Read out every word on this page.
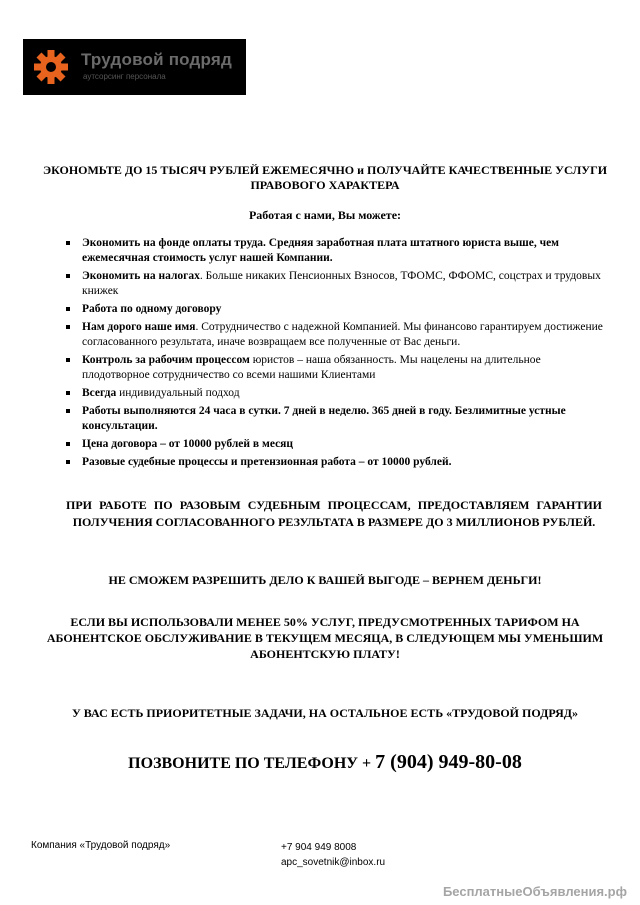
Трудовой подряд
аутсорсинг персонала
ЭКОНОМЬТЕ ДО 15 ТЫСЯЧ РУБЛЕЙ ЕЖЕМЕСЯЧНО и ПОЛУЧАЙТЕ КАЧЕСТВЕННЫЕ УСЛУГИ ПРАВОВОГО ХАРАКТЕРА
Работая с нами, Вы можете:
Экономить на фонде оплаты труда. Средняя заработная плата штатного юриста выше, чем ежемесячная стоимость услуг нашей Компании.
Экономить на налогах. Больше никаких Пенсионных Взносов, ТФОМС, ФФОМС, соцстрах и трудовых книжек
Работа по одному договору
Нам дорого наше имя. Сотрудничество с надежной Компанией. Мы финансово гарантируем достижение согласованного результата, иначе возвращаем все полученные от Вас деньги.
Контроль за рабочим процессом юристов – наша обязанность. Мы нацелены на длительное плодотворное сотрудничество со всеми нашими Клиентами
Всегда индивидуальный подход
Работы выполняются 24 часа в сутки. 7 дней в неделю. 365 дней в году. Безлимитные устные консультации.
Цена договора – от 10000 рублей в месяц
Разовые судебные процессы и претензионная работа – от 10000 рублей.
ПРИ РАБОТЕ ПО РАЗОВЫМ СУДЕБНЫМ ПРОЦЕССАМ, ПРЕДОСТАВЛЯЕМ ГАРАНТИИ ПОЛУЧЕНИЯ СОГЛАСОВАННОГО РЕЗУЛЬТАТА В РАЗМЕРЕ ДО 3 МИЛЛИОНОВ РУБЛЕЙ.
НЕ СМОЖЕМ РАЗРЕШИТЬ ДЕЛО К ВАШЕЙ ВЫГОДЕ – ВЕРНЕМ ДЕНЬГИ!
ЕСЛИ ВЫ ИСПОЛЬЗОВАЛИ МЕНЕЕ 50% УСЛУГ, ПРЕДУСМОТРЕННЫХ ТАРИФОМ НА АБОНЕНТСКОЕ ОБСЛУЖИВАНИЕ В ТЕКУЩЕМ МЕСЯЦА, В СЛЕДУЮЩЕМ МЫ УМЕНЬШИМ АБОНЕНТСКУЮ ПЛАТУ!
У ВАС ЕСТЬ ПРИОРИТЕТНЫЕ ЗАДАЧИ, НА ОСТАЛЬНОЕ ЕСТЬ «ТРУДОВОЙ ПОДРЯД»
ПОЗВОНИТЕ ПО ТЕЛЕФОНУ + 7 (904) 949-80-08
Компания «Трудовой подряд»	+7 904 949 8008
apc_sovetnik@inbox.ru
БесплатныеОбъявления.рф
